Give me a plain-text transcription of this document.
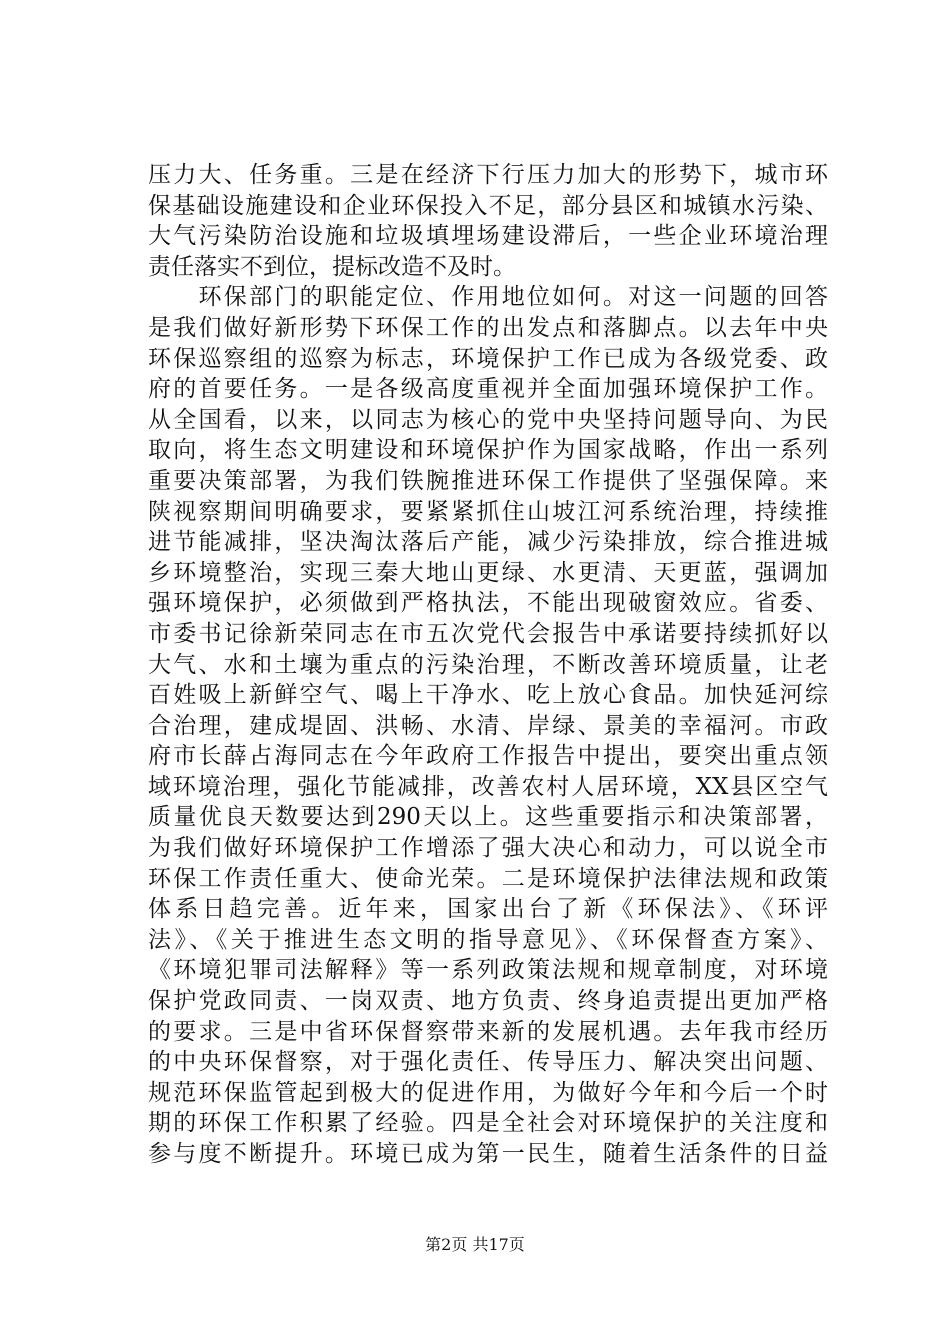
压力大、任务重。三是在经济下行压力加大的形势下，城市环
保基础设施建设和企业环保投入不足，部分县区和城镇水污染、
大气污染防治设施和垃圾填埋场建设滞后，一些企业环境治理
责任落实不到位，提标改造不及时。
　　环保部门的职能定位、作用地位如何。对这一问题的回答
是我们做好新形势下环保工作的出发点和落脚点。以去年中央
环保巡察组的巡察为标志，环境保护工作已成为各级党委、政
府的首要任务。一是各级高度重视并全面加强环境保护工作。
从全国看，以来，以同志为核心的党中央坚持问题导向、为民
取向，将生态文明建设和环境保护作为国家战略，作出一系列
重要决策部署，为我们铁腕推进环保工作提供了坚强保障。来
陕视察期间明确要求，要紧紧抓住山坡江河系统治理，持续推
进节能减排，坚决淘汰落后产能，减少污染排放，综合推进城
乡环境整治，实现三秦大地山更绿、水更清、天更蓝，强调加
强环境保护，必须做到严格执法，不能出现破窗效应。省委、
市委书记徐新荣同志在市五次党代会报告中承诺要持续抓好以
大气、水和土壤为重点的污染治理，不断改善环境质量，让老
百姓吸上新鲜空气、喝上干净水、吃上放心食品。加快延河综
合治理，建成堤固、洪畅、水清、岸绿、景美的幸福河。市政
府市长薛占海同志在今年政府工作报告中提出，要突出重点领
域环境治理，强化节能减排，改善农村人居环境，XX县区空气
质量优良天数要达到290天以上。这些重要指示和决策部署，
为我们做好环境保护工作增添了强大决心和动力，可以说全市
环保工作责任重大、使命光荣。二是环境保护法律法规和政策
体系日趋完善。近年来，国家出台了新《环保法》、《环评
法》、《关于推进生态文明的指导意见》、《环保督查方案》、
《环境犯罪司法解释》等一系列政策法规和规章制度，对环境
保护党政同责、一岗双责、地方负责、终身追责提出更加严格
的要求。三是中省环保督察带来新的发展机遇。去年我市经历
的中央环保督察，对于强化责任、传导压力、解决突出问题、
规范环保监管起到极大的促进作用，为做好今年和今后一个时
期的环保工作积累了经验。四是全社会对环境保护的关注度和
参与度不断提升。环境已成为第一民生，随着生活条件的日益
第2页 共17页
